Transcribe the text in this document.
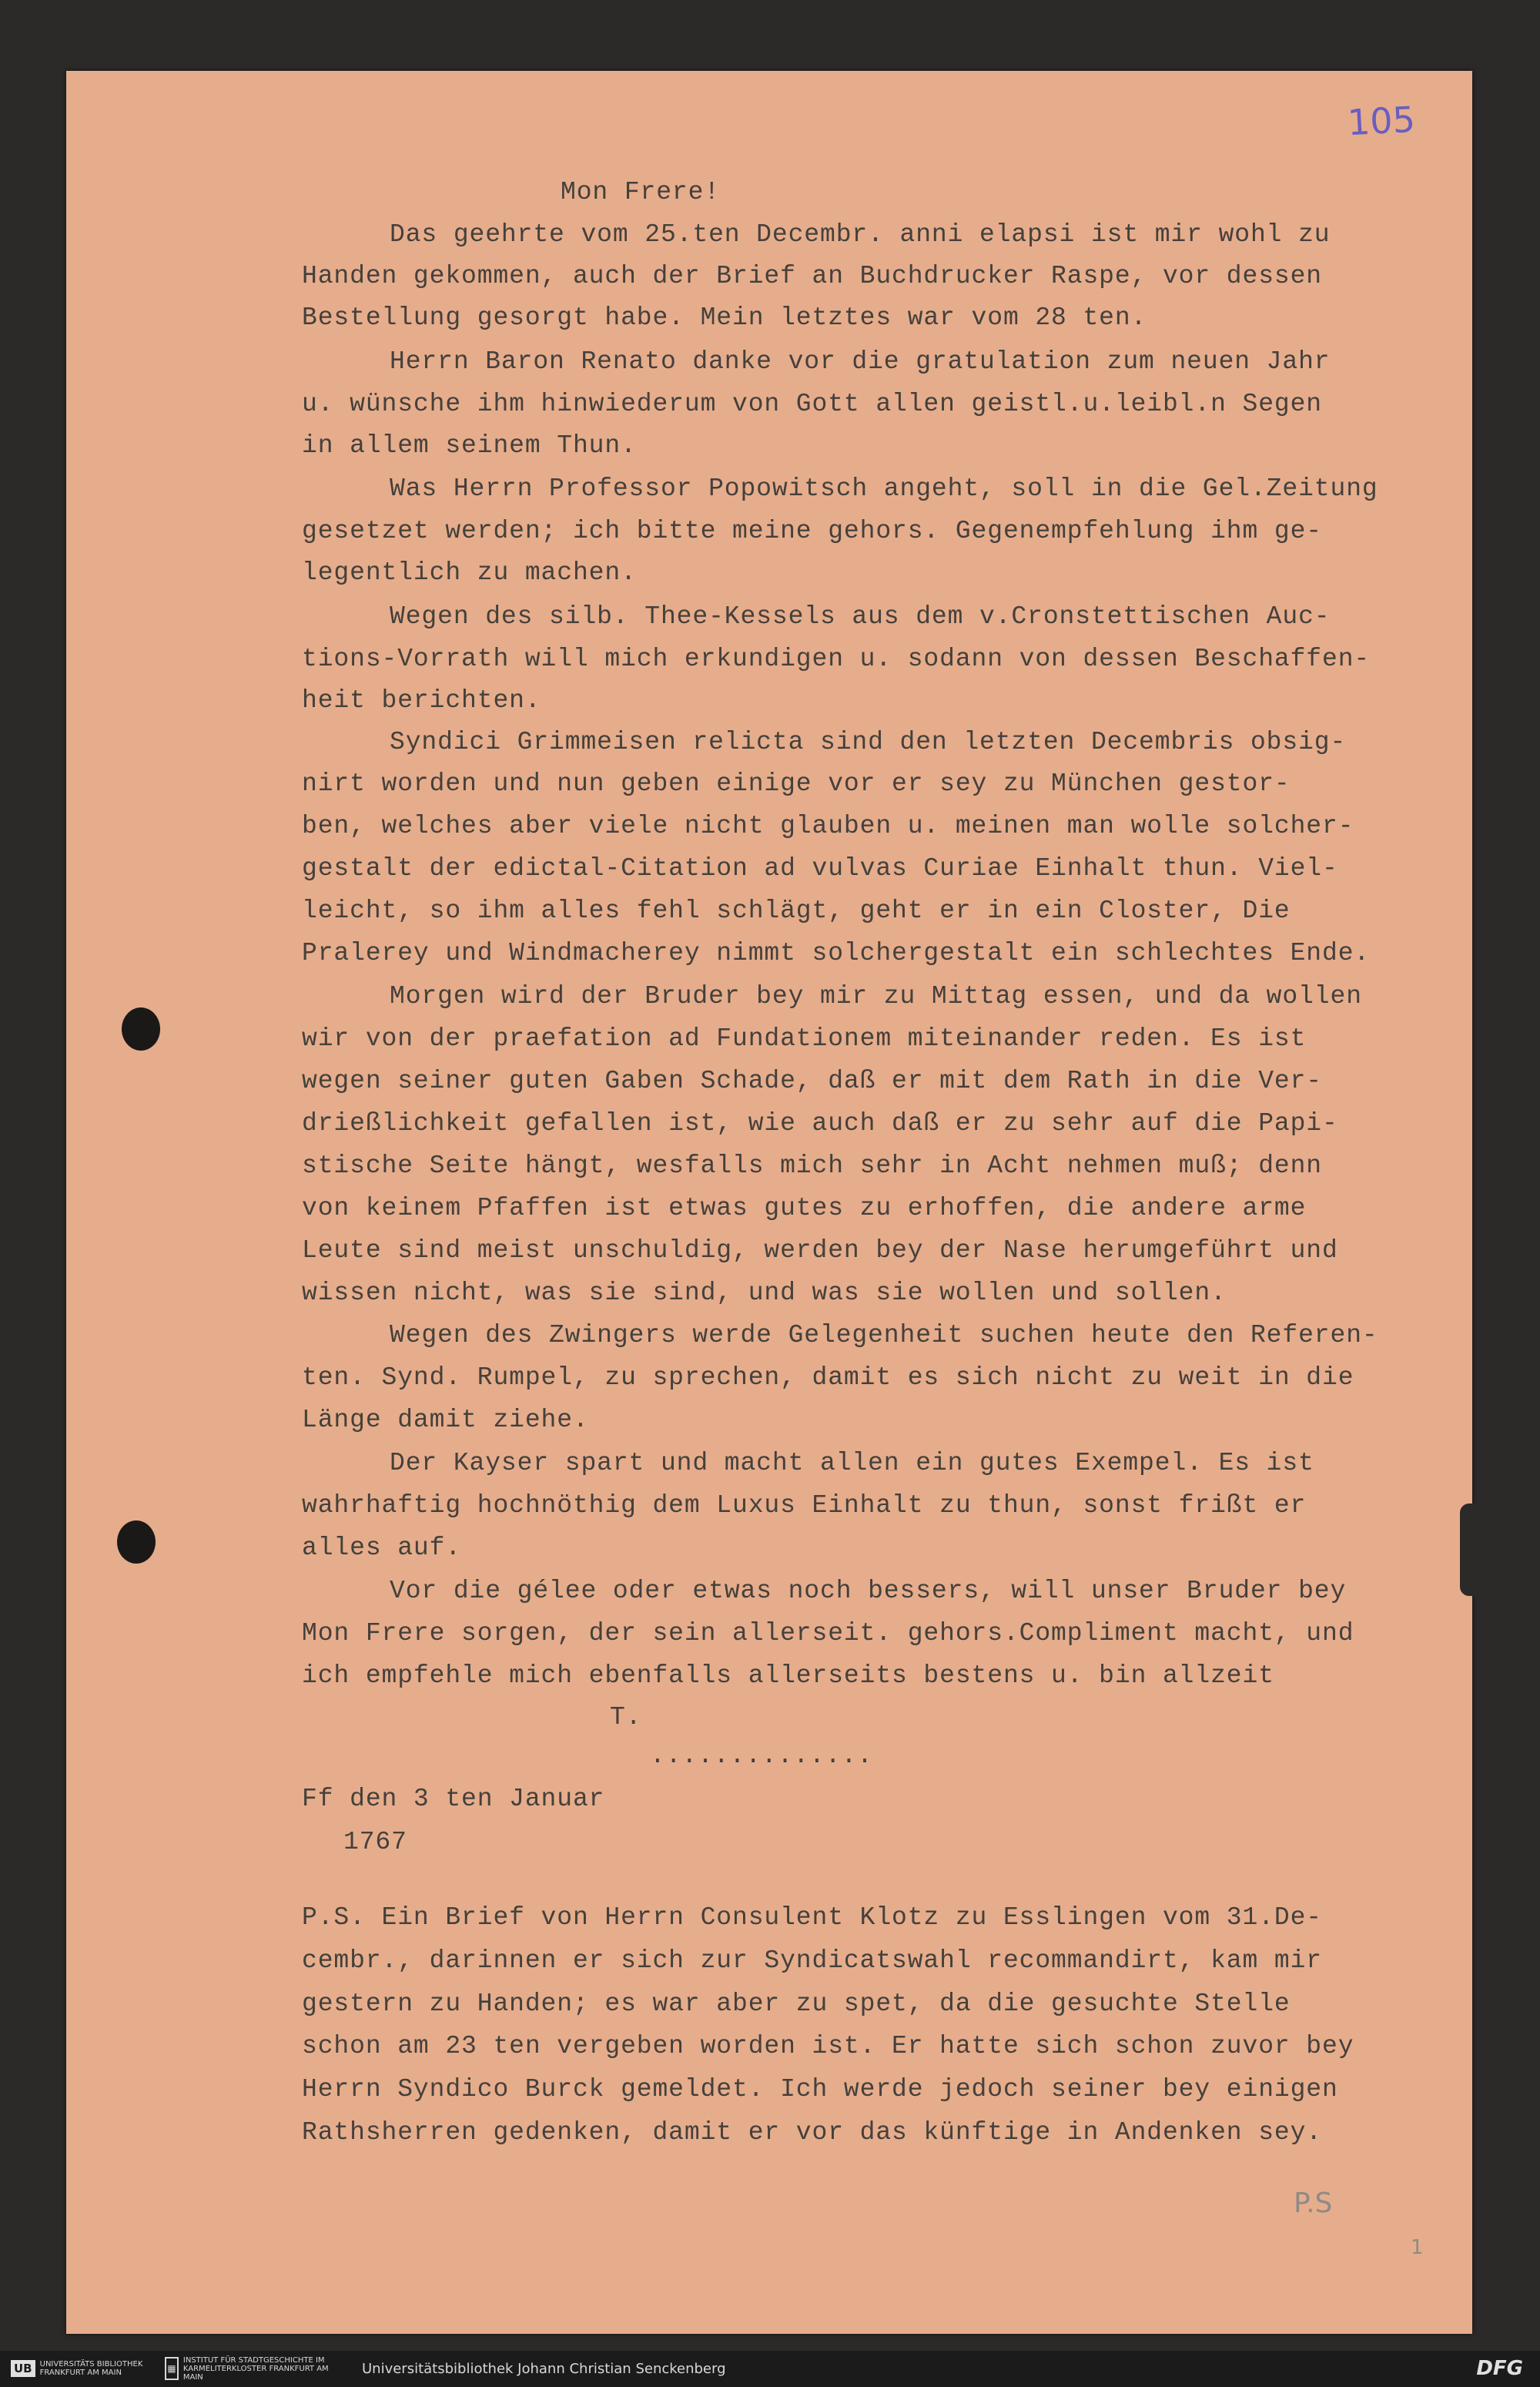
105
P.S
1
Mon Frere!
Das geehrte vom 25.ten Decembr. anni elapsi ist mir wohl zu
Handen gekommen, auch der Brief an Buchdrucker Raspe, vor dessen
Bestellung gesorgt habe. Mein letztes war vom 28 ten.
Herrn Baron Renato danke vor die gratulation zum neuen Jahr
u. wünsche ihm hinwiederum von Gott allen geistl.u.leibl.n Segen
in allem seinem Thun.
Was Herrn Professor Popowitsch angeht, soll in die Gel.Zeitung
gesetzet werden; ich bitte meine gehors. Gegenempfehlung ihm ge-
legentlich zu machen.
Wegen des silb. Thee-Kessels aus dem v.Cronstettischen Auc-
tions-Vorrath will mich erkundigen u. sodann von dessen Beschaffen-
heit berichten.
Syndici Grimmeisen relicta sind den letzten Decembris obsig-
nirt worden und nun geben einige vor er sey zu München gestor-
ben, welches aber viele nicht glauben u. meinen man wolle solcher-
gestalt der edictal-Citation ad vulvas Curiae Einhalt thun. Viel-
leicht, so ihm alles fehl schlägt, geht er in ein Closter, Die
Pralerey und Windmacherey nimmt solchergestalt ein schlechtes Ende.
Morgen wird der Bruder bey mir zu Mittag essen, und da wollen
wir von der praefation ad Fundationem miteinander reden. Es ist
wegen seiner guten Gaben Schade, daß er mit dem Rath in die Ver-
drießlichkeit gefallen ist, wie auch daß er zu sehr auf die Papi-
stische Seite hängt, wesfalls mich sehr in Acht nehmen muß; denn
von keinem Pfaffen ist etwas gutes zu erhoffen, die andere arme
Leute sind meist unschuldig, werden bey der Nase herumgeführt und
wissen nicht, was sie sind, und was sie wollen und sollen.
Wegen des Zwingers werde Gelegenheit suchen heute den Referen-
ten. Synd. Rumpel, zu sprechen, damit es sich nicht zu weit in die
Länge damit ziehe.
Der Kayser spart und macht allen ein gutes Exempel. Es ist
wahrhaftig hochnöthig dem Luxus Einhalt zu thun, sonst frißt er
alles auf.
Vor die gélee oder etwas noch bessers, will unser Bruder bey
Mon Frere sorgen, der sein allerseit. gehors.Compliment macht, und
ich empfehle mich ebenfalls allerseits bestens u. bin allzeit
T.
..............
Ff den 3 ten Januar
1767
P.S. Ein Brief von Herrn Consulent Klotz zu Esslingen vom 31.De-
cembr., darinnen er sich zur Syndicatswahl recommandirt, kam mir
gestern zu Handen; es war aber zu spet, da die gesuchte Stelle
schon am 23 ten vergeben worden ist. Er hatte sich schon zuvor bey
Herrn Syndico Burck gemeldet. Ich werde jedoch seiner bey einigen
Rathsherren gedenken, damit er vor das künftige in Andenken sey.
UB	UNIVERSITÄTS BIBLIOTHEK FRANKFURT AM MAIN	▦
INSTITUT FÜR STADTGESCHICHTE IM KARMELITERKLOSTER FRANKFURT AM MAIN	Universitätsbibliothek Johann Christian Senckenberg	DFG
